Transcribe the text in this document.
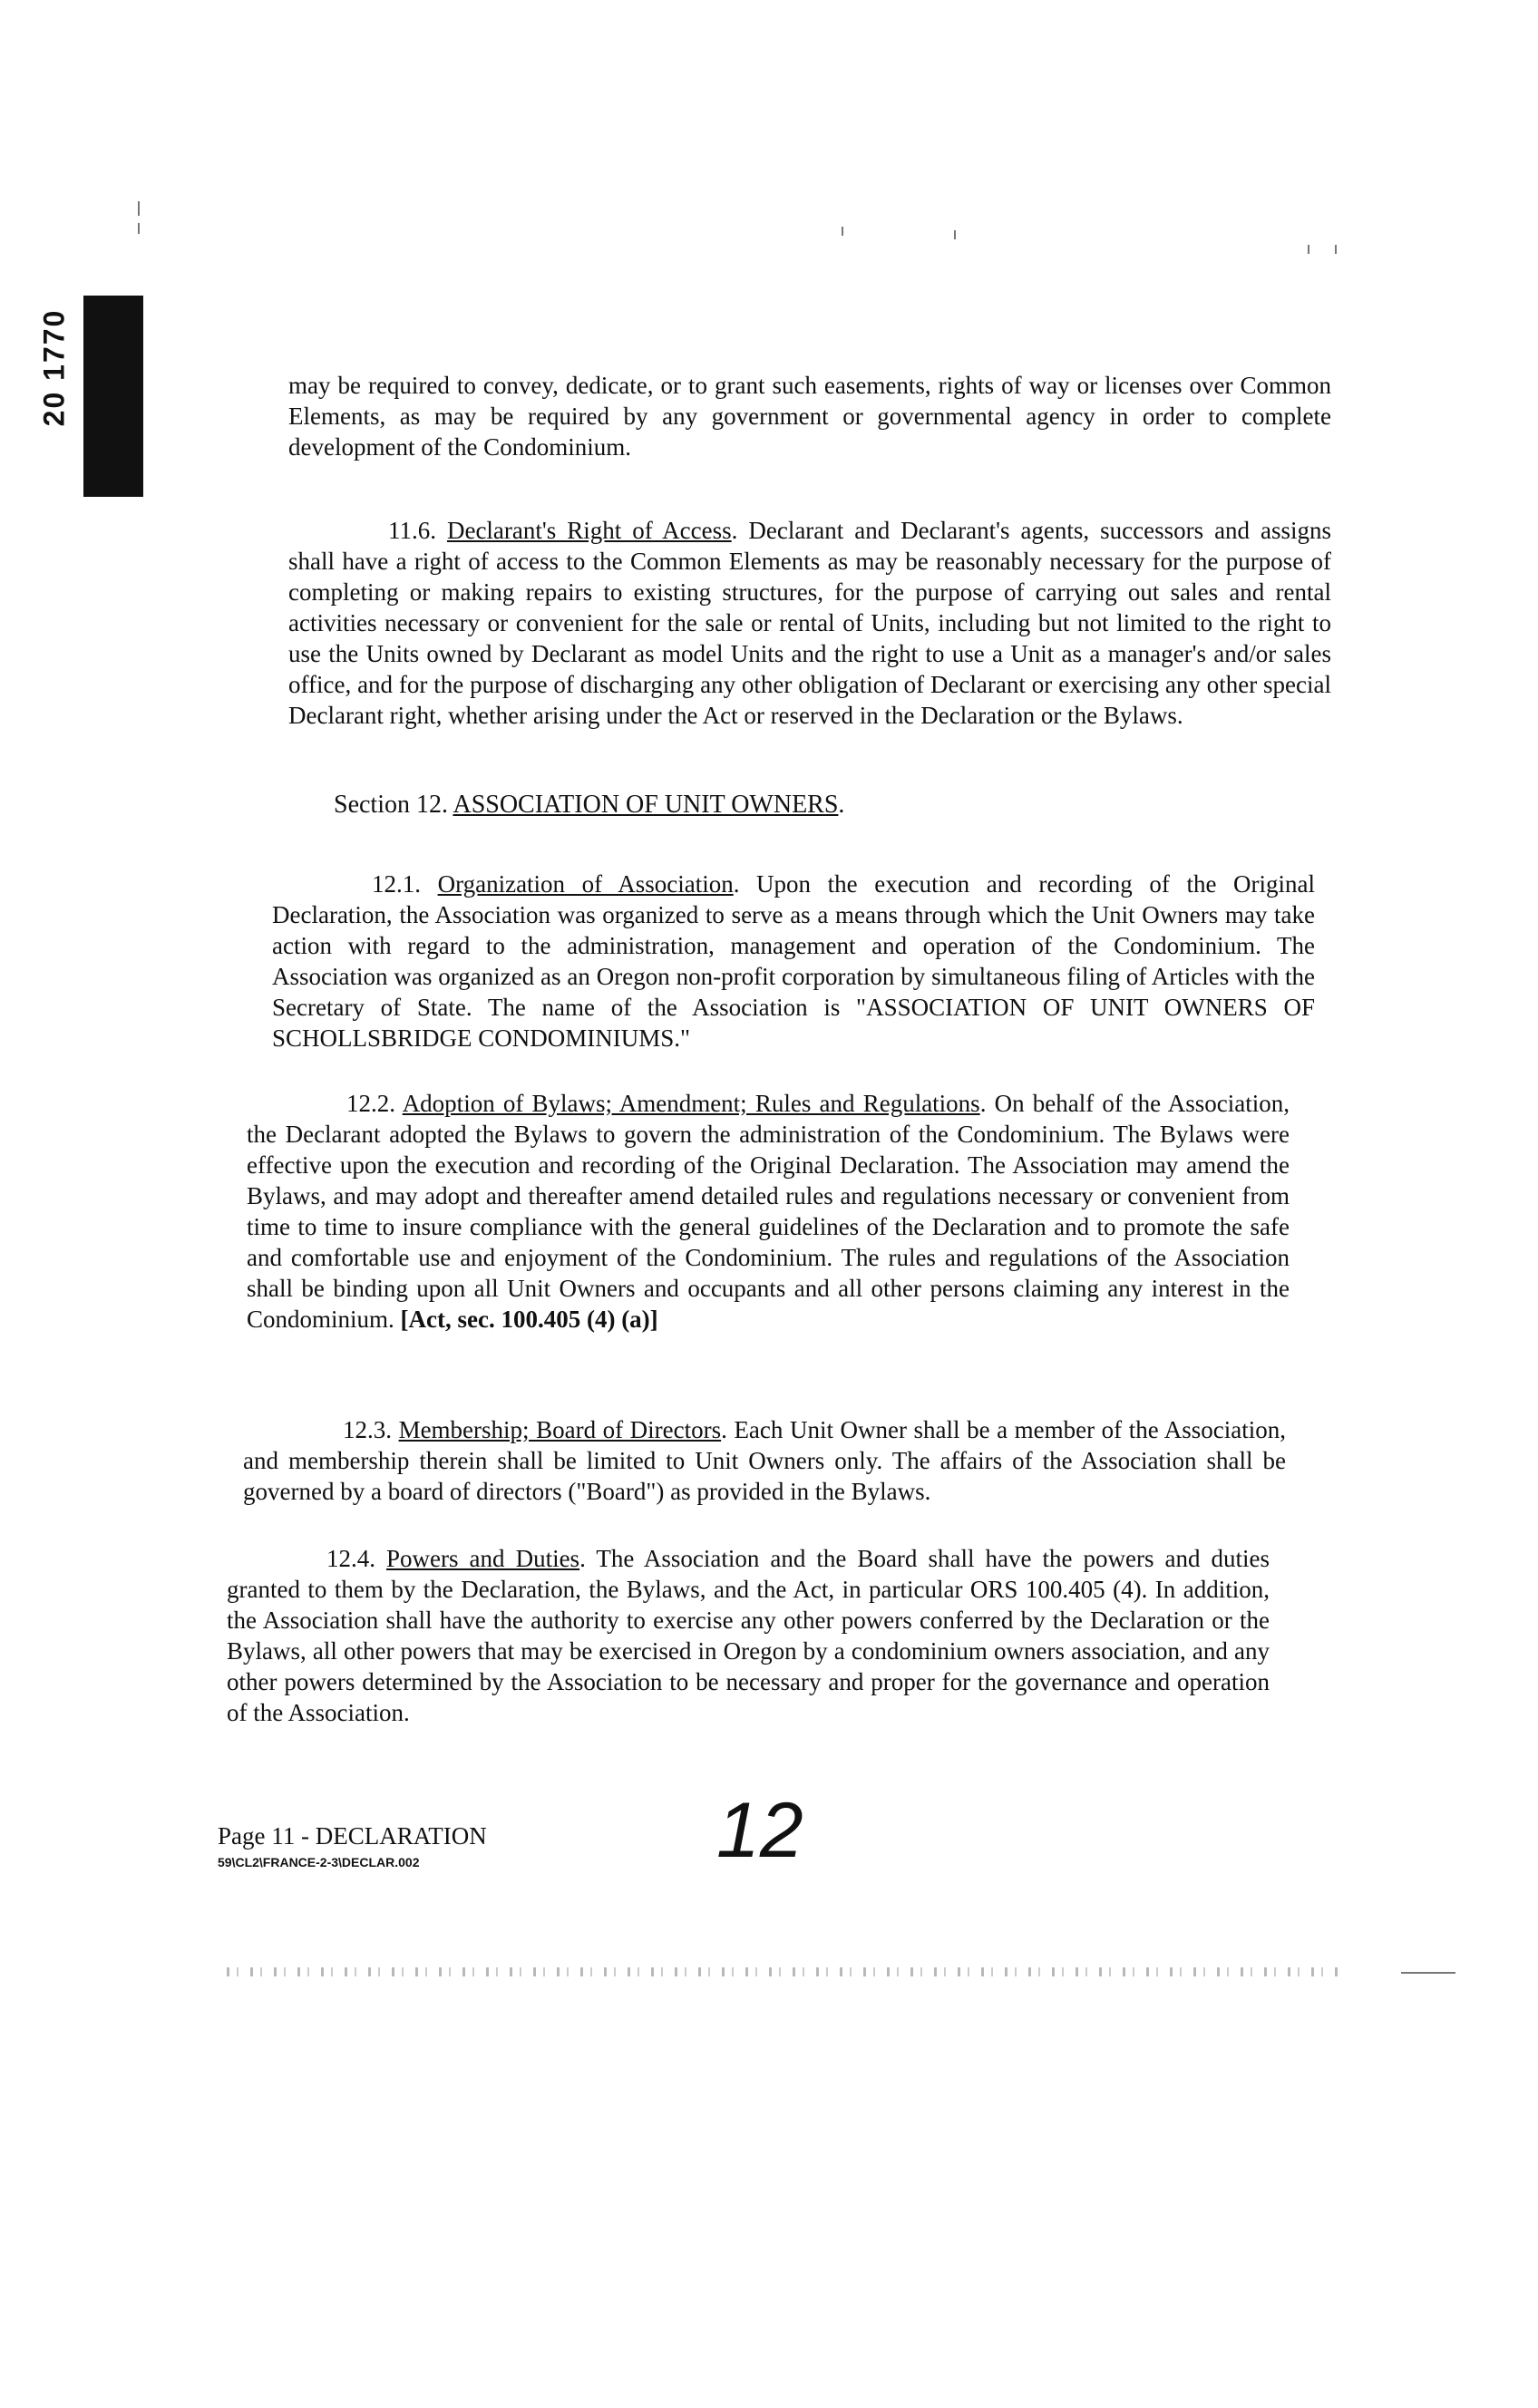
20 1770	may be required to convey, dedicate, or to grant such easements, rights of way or licenses over Common Elements, as may be required by any government or governmental agency in order to complete development of the Condominium.

11.6. Declarant's Right of Access. Declarant and Declarant's agents, successors and assigns shall have a right of access to the Common Elements as may be reasonably necessary for the purpose of completing or making repairs to existing structures, for the purpose of carrying out sales and rental activities necessary or convenient for the sale or rental of Units, including but not limited to the right to use the Units owned by Declarant as model Units and the right to use a Unit as a manager's and/or sales office, and for the purpose of discharging any other obligation of Declarant or exercising any other special Declarant right, whether arising under the Act or reserved in the Declaration or the Bylaws.

Section 12. ASSOCIATION OF UNIT OWNERS.

12.1. Organization of Association. Upon the execution and recording of the Original Declaration, the Association was organized to serve as a means through which the Unit Owners may take action with regard to the administration, management and operation of the Condominium. The Association was organized as an Oregon non-profit corporation by simultaneous filing of Articles with the Secretary of State. The name of the Association is "ASSOCIATION OF UNIT OWNERS OF SCHOLLSBRIDGE CONDOMINIUMS."

12.2. Adoption of Bylaws; Amendment; Rules and Regulations. On behalf of the Association, the Declarant adopted the Bylaws to govern the administration of the Condominium. The Bylaws were effective upon the execution and recording of the Original Declaration. The Association may amend the Bylaws, and may adopt and thereafter amend detailed rules and regulations necessary or convenient from time to time to insure compliance with the general guidelines of the Declaration and to promote the safe and comfortable use and enjoyment of the Condominium. The rules and regulations of the Association shall be binding upon all Unit Owners and occupants and all other persons claiming any interest in the Condominium. [Act, sec. 100.405 (4) (a)]

12.3. Membership; Board of Directors. Each Unit Owner shall be a member of the Association, and membership therein shall be limited to Unit Owners only. The affairs of the Association shall be governed by a board of directors ("Board") as provided in the Bylaws.

12.4. Powers and Duties. The Association and the Board shall have the powers and duties granted to them by the Declaration, the Bylaws, and the Act, in particular ORS 100.405 (4). In addition, the Association shall have the authority to exercise any other powers conferred by the Declaration or the Bylaws, all other powers that may be exercised in Oregon by a condominium owners association, and any other powers determined by the Association to be necessary and proper for the governance and operation of the Association.

Page 11 - DECLARATION
59\CL2\FRANCE-2-3\DECLAR.002	12
